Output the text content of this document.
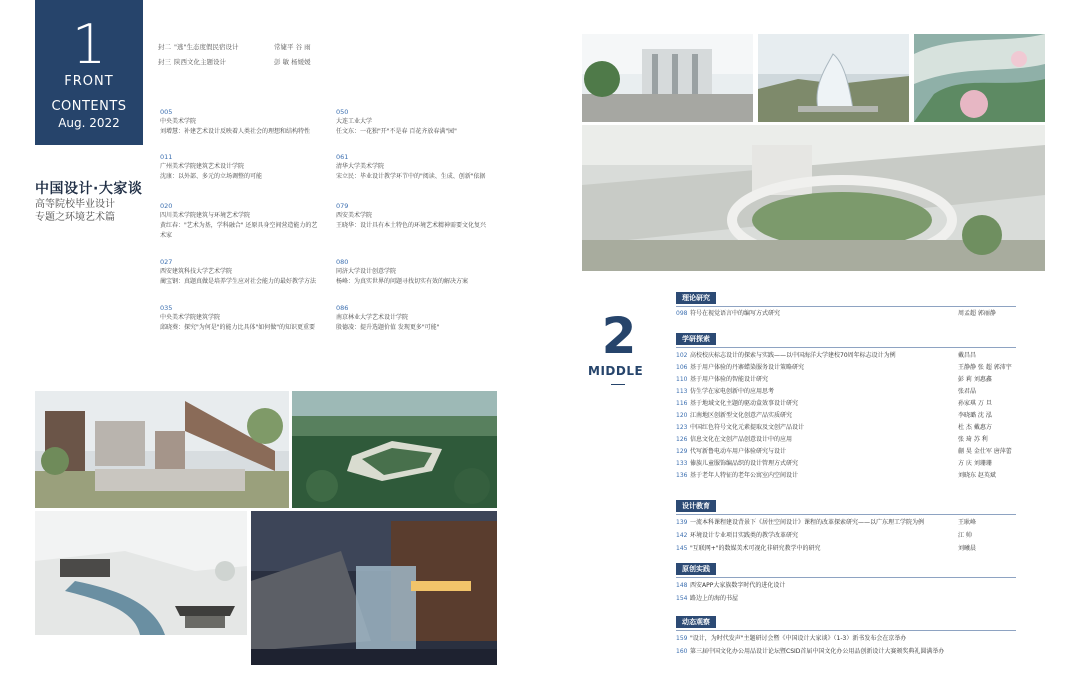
1
FRONT
CONTENTS
Aug. 2022
封二 "逃"生态度假民宿设计	常婕平 谷 雨
封三 陕西文化主题设计	彭 敏 杨媛媛
中国设计·大家谈
高等院校毕业设计
专题之环境艺术篇
005
中央美术学院
刘增慧：补建艺术设计反映着人类社会的理想和结构特性
011
广州美术学院建筑艺术设计学院
沈康：以外部、多元的立场调整的可能
020
四川美术学院建筑与环境艺术学院
黄红春："艺术为基，学科融合" 还原具身空间营造能力的艺术家
027
西安建筑科技大学艺术学院
蔺宝钢：真题真做是培养学生应对社会能力的最好教学方法
035
中央美术学院建筑学院
邱晓葵：探究"为何是"的能力比具体"如何做"的知识更重要
050
大连工业大学
任文东：一花独"开"不是春 百花齐放春满"园"
061
清华大学美术学院
宋立民：毕业设计教学环节中的"阅读、生成、创新"依据
079
西安美术学院
王晓华：设计具有本土特色的环境艺术精神需要文化复兴
080
同济大学设计创意学院
杨峰：为真实世界的问题寻找切实有效的解决方案
086
南京林业大学艺术设计学院
殷德凌：提升选题价值 发现更多"可能"	2
MIDDLE
理论研究
098 符号在视觉语言中的编写方式研究	周孟超 郭丽静
学研探索
102 高校校庆标志设计的探索与实践——以中国海洋大学建校70周年标志设计为例	戴昌昌
106 基于用户体验的丹寨蜡染服务设计策略研究	王静静 张 超 郭沛宇
110 基于用户体验的智能设计研究	彭 莉 刘惠鑫
113 仿生学在家电创新中的应用思考	张君晶
116 基于地域文化主题的驱动盒效事设计研究	孙家琪 万 旦
120 江南地区创新型文化创意产品实质研究	李晓璐 沈 泓
123 中国红色符号文化元素提取及文创产品设计	杜 杰 戴惠方
126 信息文化在文创产品创意设计中的应用	张 琦 苏 利
129 代写新鲁电动车用户体验研究与设计	蒯 昊 金仕军 唐萍蕾
133 傣族儿童服饰编品织的设计管理方式研究	方 庆 刘珊珊
136 基于老年人特征的老年公寓室内空间设计	刘晓东 赵英斌
设计教育
139 一流本科课程建设背景下《居住空间设计》课程的改革探索研究——以广东理工学院为例	王耿峰
142 环境设计专业项目实践类的教学改革研究	江 帅
145 "互联网+"的数媒美术可视化非研究教学中的研究	刘曦晨
原创实践
148 西安APP大家族数字时代的进化设计
154 路边上的海的书屋
动态观察
159 "设计，为时代发声"主题研讨会暨《中国设计大家谈》（1-3）新书发布会在京举办
160 第三届中国文化办公用品设计论坛暨CSID首届中国文化办公用品创新设计大赛颁奖典礼圆满举办
